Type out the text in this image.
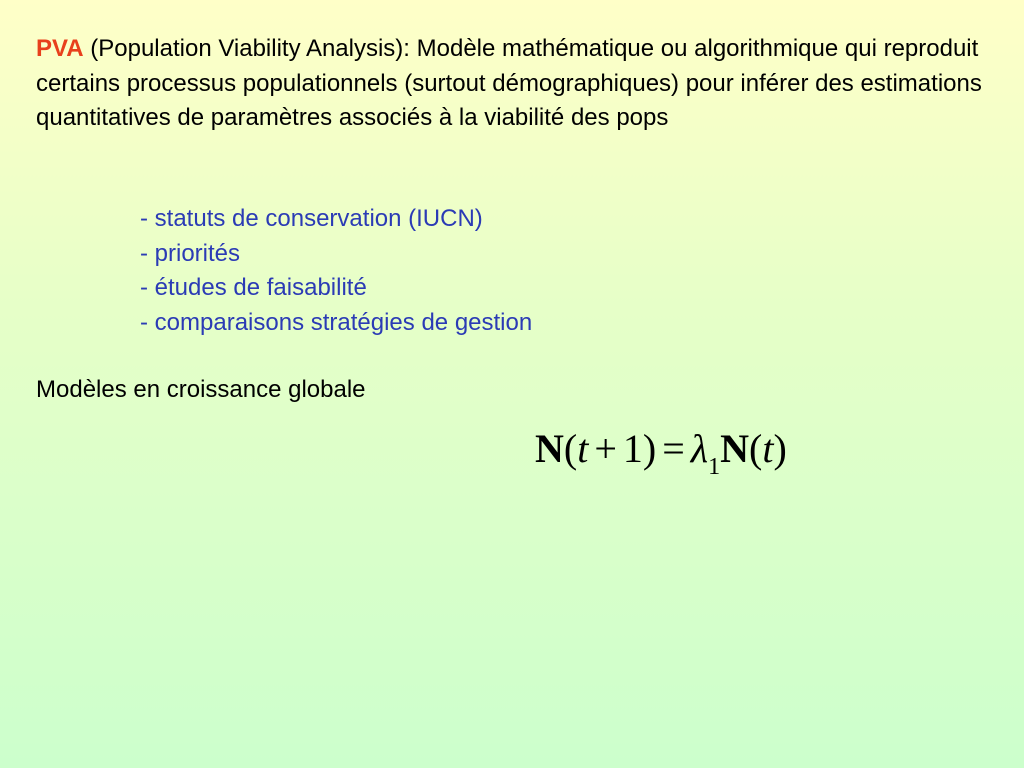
PVA (Population Viability Analysis): Modèle mathématique ou algorithmique qui reproduit certains processus populationnels (surtout démographiques) pour inférer des estimations quantitatives de paramètres associés à la viabilité des pops
- statuts de conservation (IUCN)
- priorités
- études de faisabilité
- comparaisons stratégies de gestion
Modèles en croissance globale
$N(t + 1) = \lambda_1N(t)$
